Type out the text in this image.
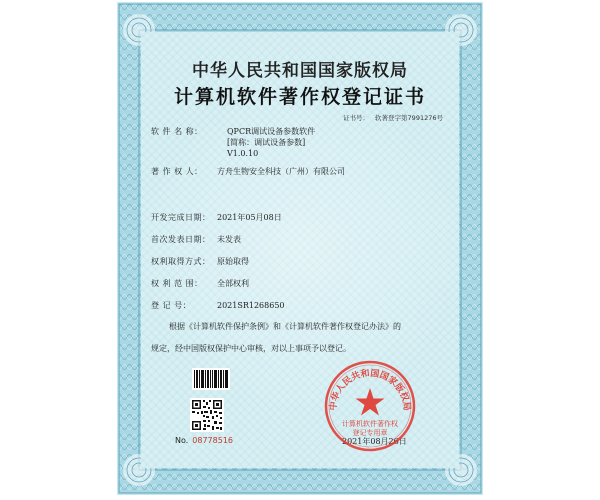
中华人民共和国国家版权局
计算机软件著作权登记证书
证书号： 软著登字第7991276号
软 件 名 称：	QPCR调试设备参数软件
[简称：调试设备参数]
V1.0.10
著 作 权 人： 方舟生物安全科技（广州）有限公司
开发完成日期： 2021年05月08日
首次发表日期： 未发表
权利取得方式： 原始取得
权 利 范 围： 全部权利
登 记 号：	2021SR1268650
根据《计算机软件保护条例》和《计算机软件著作权登记办法》的
规定，经中国版权保护中心审核，对以上事项予以登记。
No. 08778516	2021年08月26日
中华人民共和国国家版权局
计算机软件著作权
登记专用章
